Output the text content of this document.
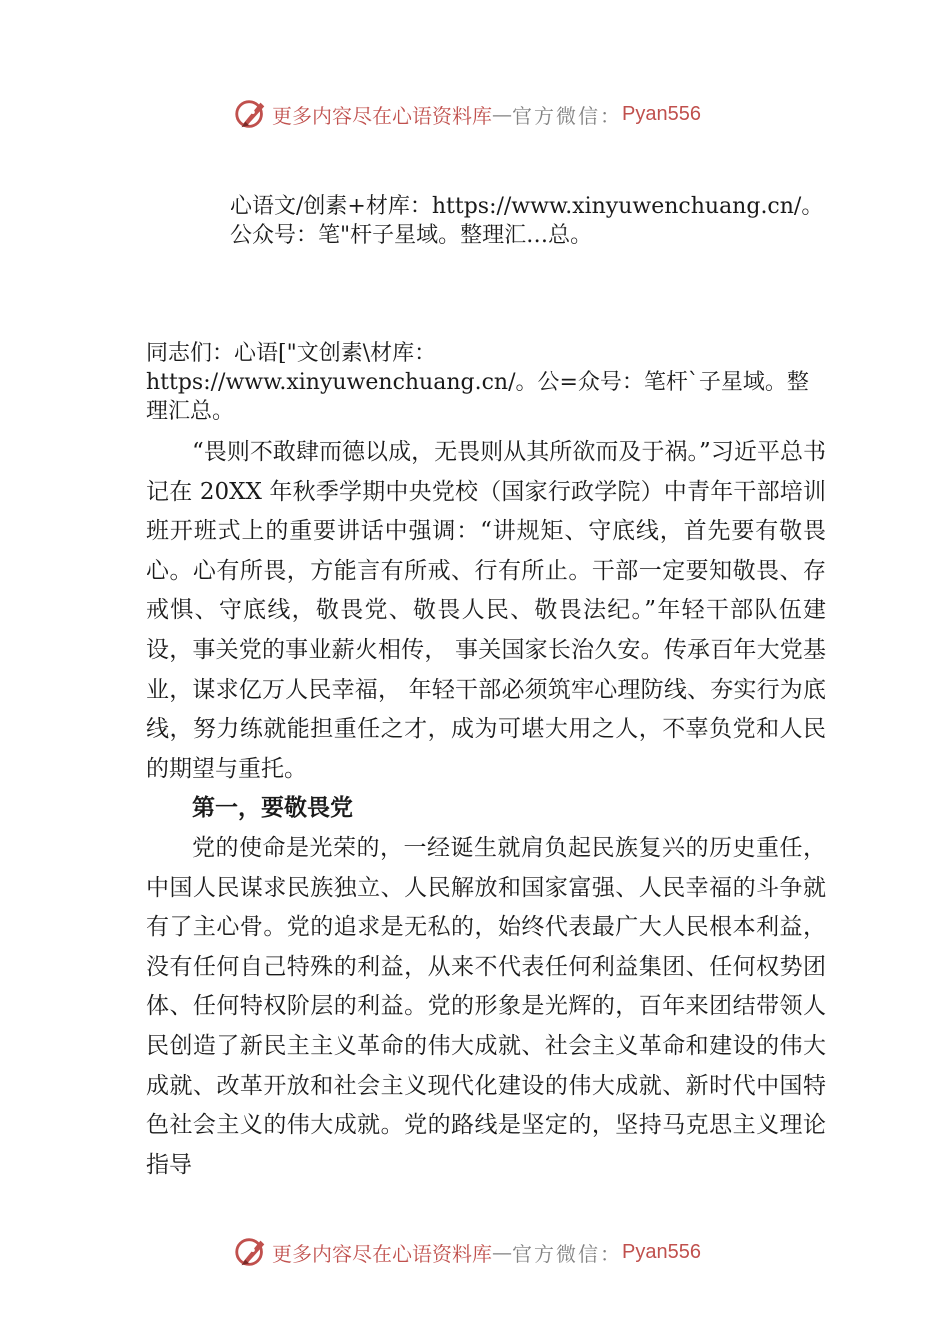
更多内容尽在心语资料库 — 官方微信： Pyan556

心语文/创素+材库：https://www.xinyuwenchuang.cn/。公众号：笔"杆子星域。整理汇…总。

同志们：心语["文创素\材库：https://www.xinyuwenchuang.cn/。公=众号：笔杆`子星域。整理汇总。

“畏则不敢肆而德以成，无畏则从其所欲而及于祸。”习近平总书记在 20XX 年秋季学期中央党校（国家行政学院）中青年干部培训班开班式上的重要讲话中强调：“讲规矩、守底线，首先要有敬畏心。心有所畏，方能言有所戒、行有所止。干部一定要知敬畏、存戒惧、守底线，敬畏党、敬畏人民、敬畏法纪。”年轻干部队伍建设，事关党的事业薪火相传， 事关国家长治久安。传承百年大党基业，谋求亿万人民幸福， 年轻干部必须筑牢心理防线、夯实行为底线，努力练就能担重任之才，成为可堪大用之人，不辜负党和人民的期望与重托。

第一，要敬畏党

党的使命是光荣的，一经诞生就肩负起民族复兴的历史重任，中国人民谋求民族独立、人民解放和国家富强、人民幸福的斗争就有了主心骨。党的追求是无私的，始终代表最广大人民根本利益，没有任何自己特殊的利益，从来不代表任何利益集团、任何权势团体、任何特权阶层的利益。党的形象是光辉的，百年来团结带领人民创造了新民主主义革命的伟大成就、社会主义革命和建设的伟大成就、改革开放和社会主义现代化建设的伟大成就、新时代中国特色社会主义的伟大成就。党的路线是坚定的，坚持马克思主义理论指导

更多内容尽在心语资料库 — 官方微信： Pyan556
